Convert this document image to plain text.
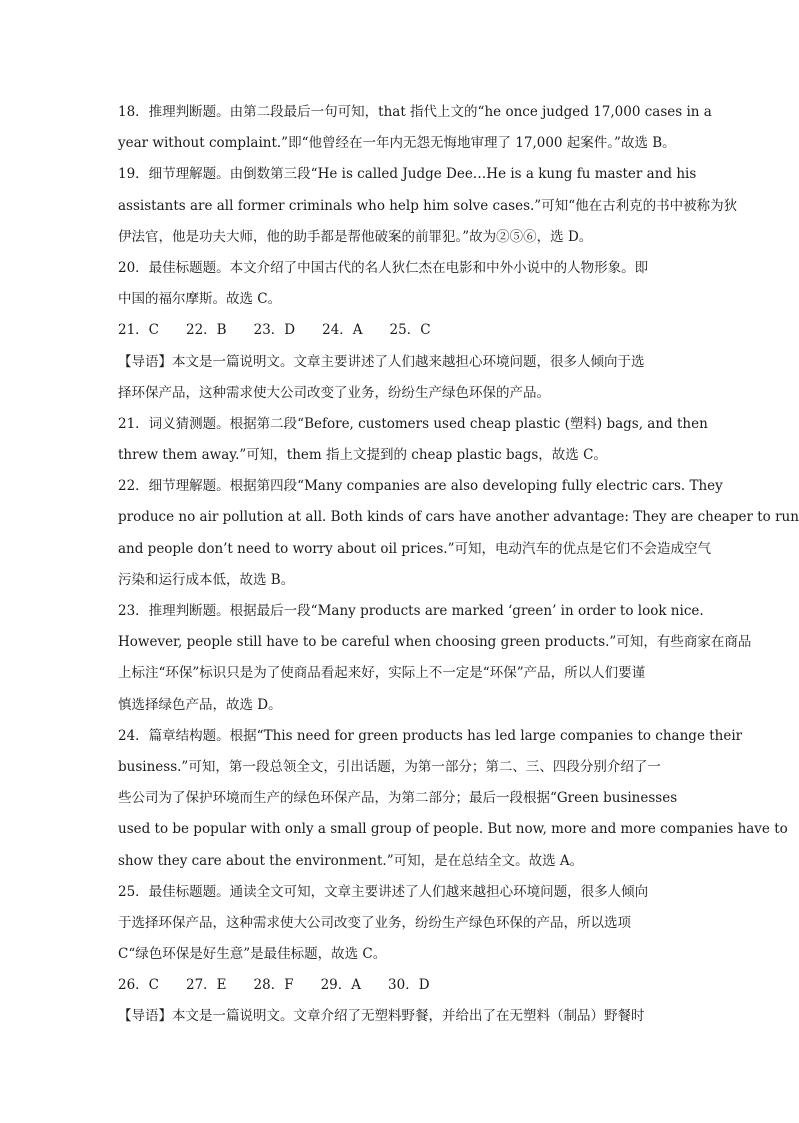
18．推理判断题。由第二段最后一句可知，that 指代上文的“he once judged 17,000 cases in a
year without complaint.”即“他曾经在一年内无怨无悔地审理了 17,000 起案件。”故选 B。
19．细节理解题。由倒数第三段“He is called Judge Dee…He is a kung fu master and his
assistants are all former criminals who help him solve cases.”可知“他在古利克的书中被称为狄
伊法官，他是功夫大师，他的助手都是帮他破案的前罪犯。”故为②⑤⑥，选 D。
20．最佳标题题。本文介绍了中国古代的名人狄仁杰在电影和中外小说中的人物形象。即
中国的福尔摩斯。故选 C。
21．C　　22．B　　23．D　　24．A　　25．C
【导语】本文是一篇说明文。文章主要讲述了人们越来越担心环境问题，很多人倾向于选
择环保产品，这种需求使大公司改变了业务，纷纷生产绿色环保的产品。
21．词义猜测题。根据第二段“Before, customers used cheap plastic (塑料) bags, and then
threw them away.”可知，them 指上文提到的 cheap plastic bags，故选 C。
22．细节理解题。根据第四段“Many companies are also developing fully electric cars. They
produce no air pollution at all. Both kinds of cars have another advantage: They are cheaper to run
and people don’t need to worry about oil prices.”可知，电动汽车的优点是它们不会造成空气
污染和运行成本低，故选 B。
23．推理判断题。根据最后一段“Many products are marked ‘green’ in order to look nice.
However, people still have to be careful when choosing green products.”可知，有些商家在商品
上标注“环保”标识只是为了使商品看起来好，实际上不一定是“环保”产品，所以人们要谨
慎选择绿色产品，故选 D。
24．篇章结构题。根据“This need for green products has led large companies to change their
business.”可知，第一段总领全文，引出话题，为第一部分；第二、三、四段分别介绍了一
些公司为了保护环境而生产的绿色环保产品，为第二部分；最后一段根据“Green businesses
used to be popular with only a small group of people. But now, more and more companies have to
show they care about the environment.”可知，是在总结全文。故选 A。
25．最佳标题题。通读全文可知，文章主要讲述了人们越来越担心环境问题，很多人倾向
于选择环保产品，这种需求使大公司改变了业务，纷纷生产绿色环保的产品，所以选项
C“绿色环保是好生意”是最佳标题，故选 C。
26．C　　27．E　　28．F　　29．A　　30．D
【导语】本文是一篇说明文。文章介绍了无塑料野餐，并给出了在无塑料（制品）野餐时
